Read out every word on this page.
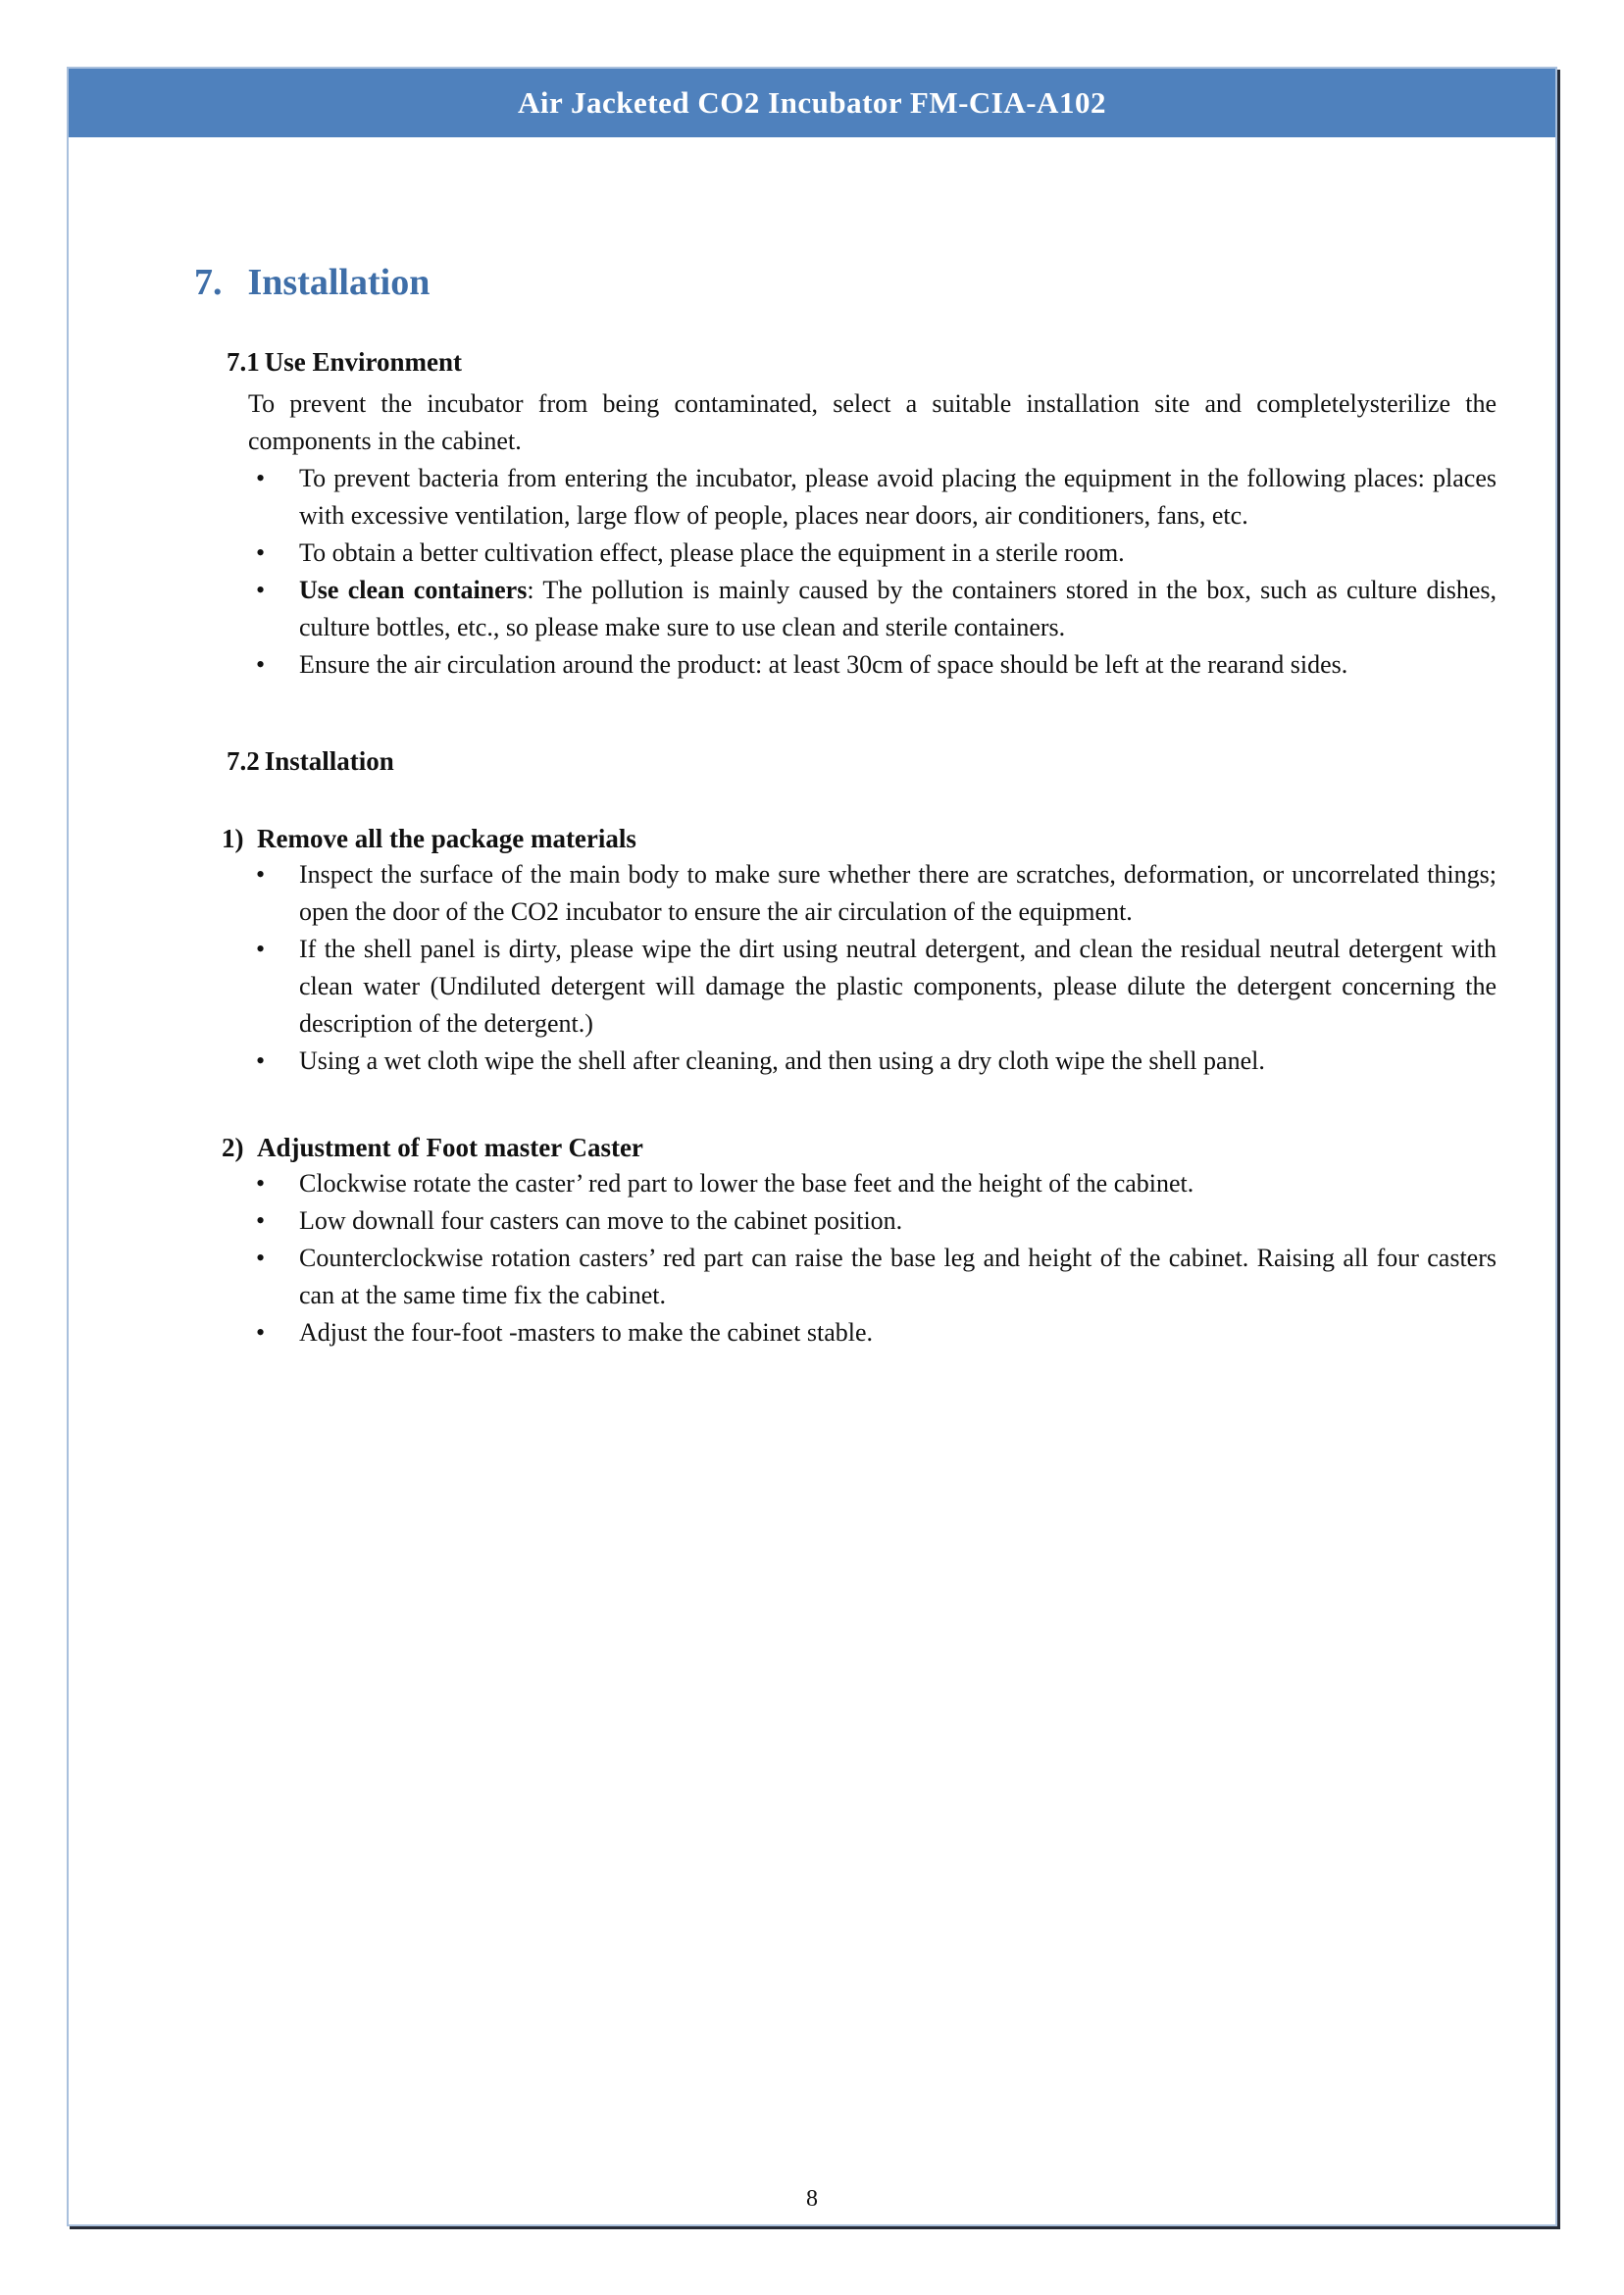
Air Jacketed CO2 Incubator FM-CIA-A102
7. Installation
7.1 Use Environment

To prevent the incubator from being contaminated, select a suitable installation site and completelysterilize the components in the cabinet.

• To prevent bacteria from entering the incubator, please avoid placing the equipment in the following places: places with excessive ventilation, large flow of people, places near doors, air conditioners, fans, etc.
• To obtain a better cultivation effect, please place the equipment in a sterile room.
• Use clean containers: The pollution is mainly caused by the containers stored in the box, such as culture dishes, culture bottles, etc., so please make sure to use clean and sterile containers.
• Ensure the air circulation around the product: at least 30cm of space should be left at the rearand sides.
7.2 Installation
1) Remove all the package materials
• Inspect the surface of the main body to make sure whether there are scratches, deformation, or uncorrelated things; open the door of the CO2 incubator to ensure the air circulation of the equipment.
• If the shell panel is dirty, please wipe the dirt using neutral detergent, and clean the residual neutral detergent with clean water (Undiluted detergent will damage the plastic components, please dilute the detergent concerning the description of the detergent.)
• Using a wet cloth wipe the shell after cleaning, and then using a dry cloth wipe the shell panel.
2) Adjustment of Foot master Caster
• Clockwise rotate the caster’ red part to lower the base feet and the height of the cabinet.
• Low downall four casters can move to the cabinet position.
• Counterclockwise rotation casters’ red part can raise the base leg and height of the cabinet. Raising all four casters can at the same time fix the cabinet.
• Adjust the four-foot -masters to make the cabinet stable.
8
